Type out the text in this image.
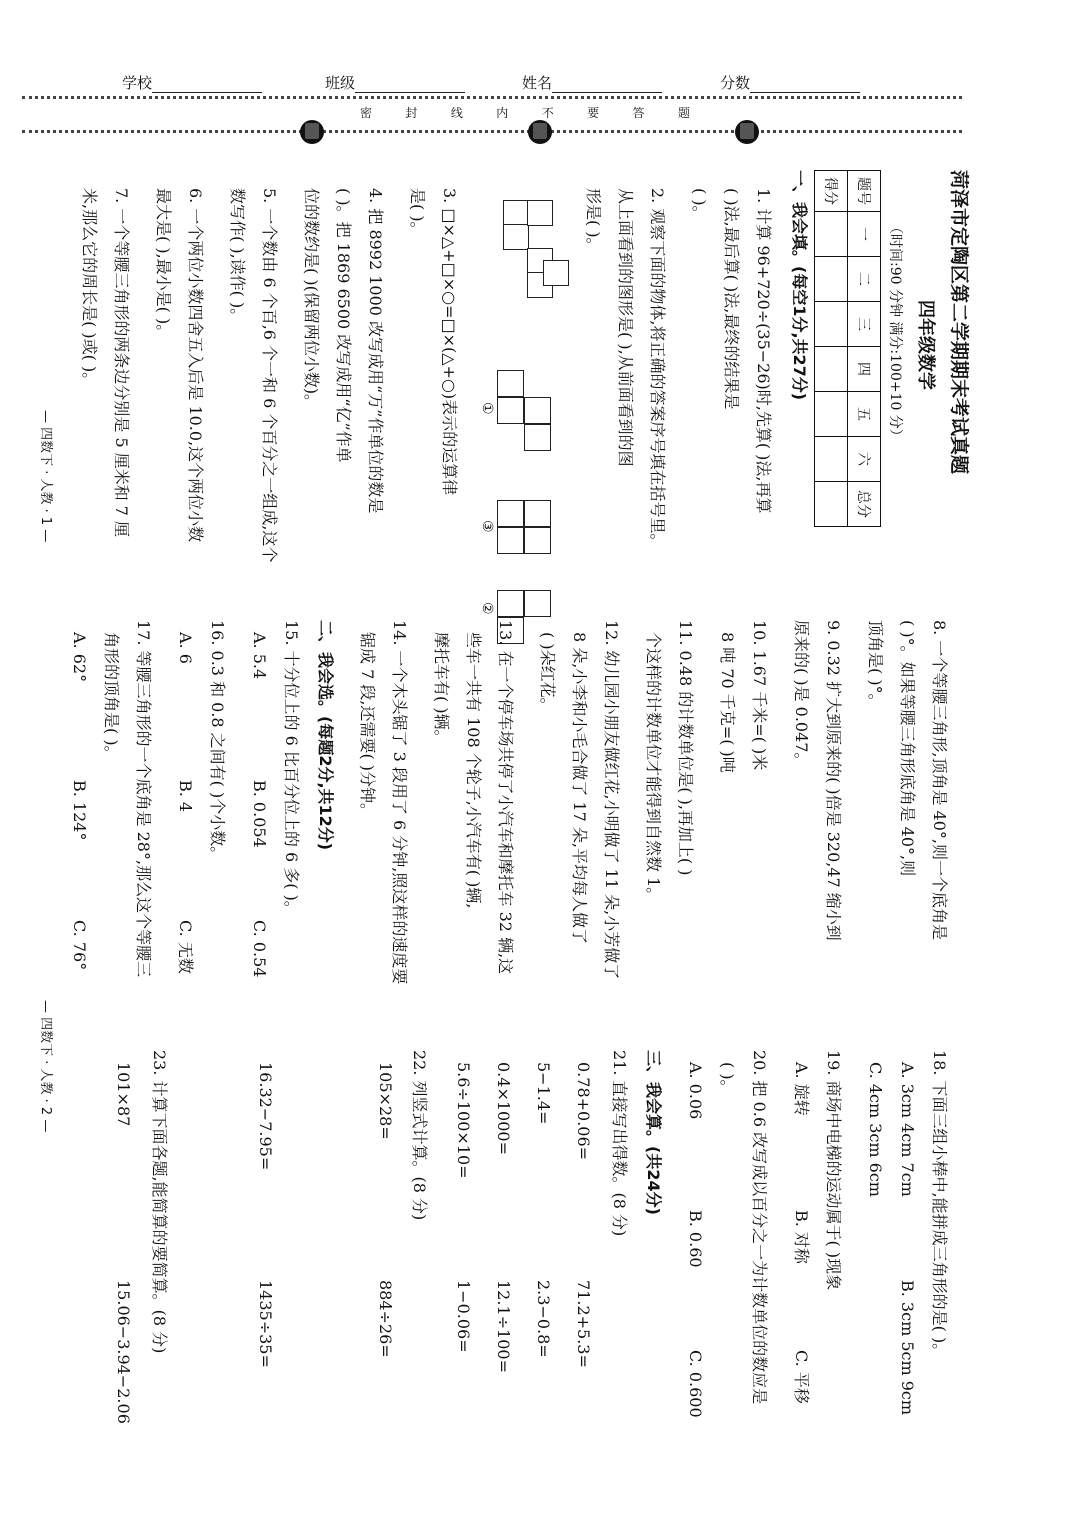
学校	班级	姓名	分数
密	封	线	内	不	要	答	题
菏泽市定陶区第二学期期末考试真题
四年级数学
（时间:90 分钟 满分:100+10 分）
题号	一	二	三	四	五	六	总分
得分							
一、我会填。(每空1分,共27分)
1. 计算 96+720÷(35−26)时,先算( )法,再算
( )法,最后算( )法,最终的结果是
( )。
2. 观察下面的物体,将正确的答案序号填在括号里。
从上面看到的图形是( ),从前面看到的图
形是( )。
①
②
③
3. □×△+□×○=□×(△+○)表示的运算律
是( )。
4. 把 8992 1000 改写成用“万”作单位的数是
( )。把 1869 6500 改写成用“亿”作单
位的数约是( )(保留两位小数)。
5. 一个数由 6 个百,6 个一和 6 个百分之一组成,这个
数写作( ),读作( )。
6. 一个两位小数四舍五入后是 10.0,这个两位小数
最大是( ),最小是( )。
7. 一个等腰三角形的两条边分别是 5 厘米和 7 厘
米,那么它的周长是( )或( )。
— 四数下 · 人教 · 1 —
8. 一个等腰三角形,顶角是 40°,则一个底角是
( )°。如果等腰三角形底角是 40°,则
顶角是( )°。
9. 0.32 扩大到原来的( )倍是 320,47 缩小到
原来的( )是 0.047。
10. 1.67 千米=( )米
8 吨 70 千克=( )吨
11. 0.48 的计数单位是( ),再加上( )
个这样的计数单位才能得到自然数 1。
12. 幼儿园小朋友做红花,小明做了 11 朵,小芳做了
8 朵,小李和小毛合做了 17 朵,平均每人做了
( )朵红花。
13. 在一个停车场共停了小汽车和摩托车 32 辆,这
些车一共有 108 个轮子,小汽车有( )辆,
摩托车有( )辆。
14. 一个木头锯了 3 段用了 6 分钟,照这样的速度要
锯成 7 段,还需要( )分钟。
二、我会选。(每题2分,共12分)
15. 十分位上的 6 比百分位上的 6 多( )。
A. 5.4
B. 0.054
C. 0.54
16. 0.3 和 0.8 之间有( )个小数。
A. 6
B. 4
C. 无数
17. 等腰三角形的一个底角是 28°,那么这个等腰三
角形的顶角是( )。
A. 62°
B. 124°
C. 76°
18. 下面三组小棒中,能拼成三角形的是( )。
A. 3cm 4cm 7cm
B. 3cm 5cm 9cm
C. 4cm 3cm 6cm
19. 商场中电梯的运动属于( )现象
A. 旋转
B. 对称
C. 平移
20. 把 0.6 改写成以百分之一为计数单位的数应是
( )。
A. 0.06
B. 0.60
C. 0.600
三、我会算。(共24分)
21. 直接写出得数。(8 分)
0.78+0.06=
71.2+5.3=
5−1.4=
2.3−0.8=
0.4×1000=
12.1÷100=
5.6÷100×10=
1−0.06=
22. 列竖式计算。(8 分)
105×28=
884÷26=
16.32−7.95=
1435÷35=
23. 计算下面各题,能简算的要简算。(8 分)
101×87
15.06−3.94−2.06
— 四数下 · 人教 · 2 —
